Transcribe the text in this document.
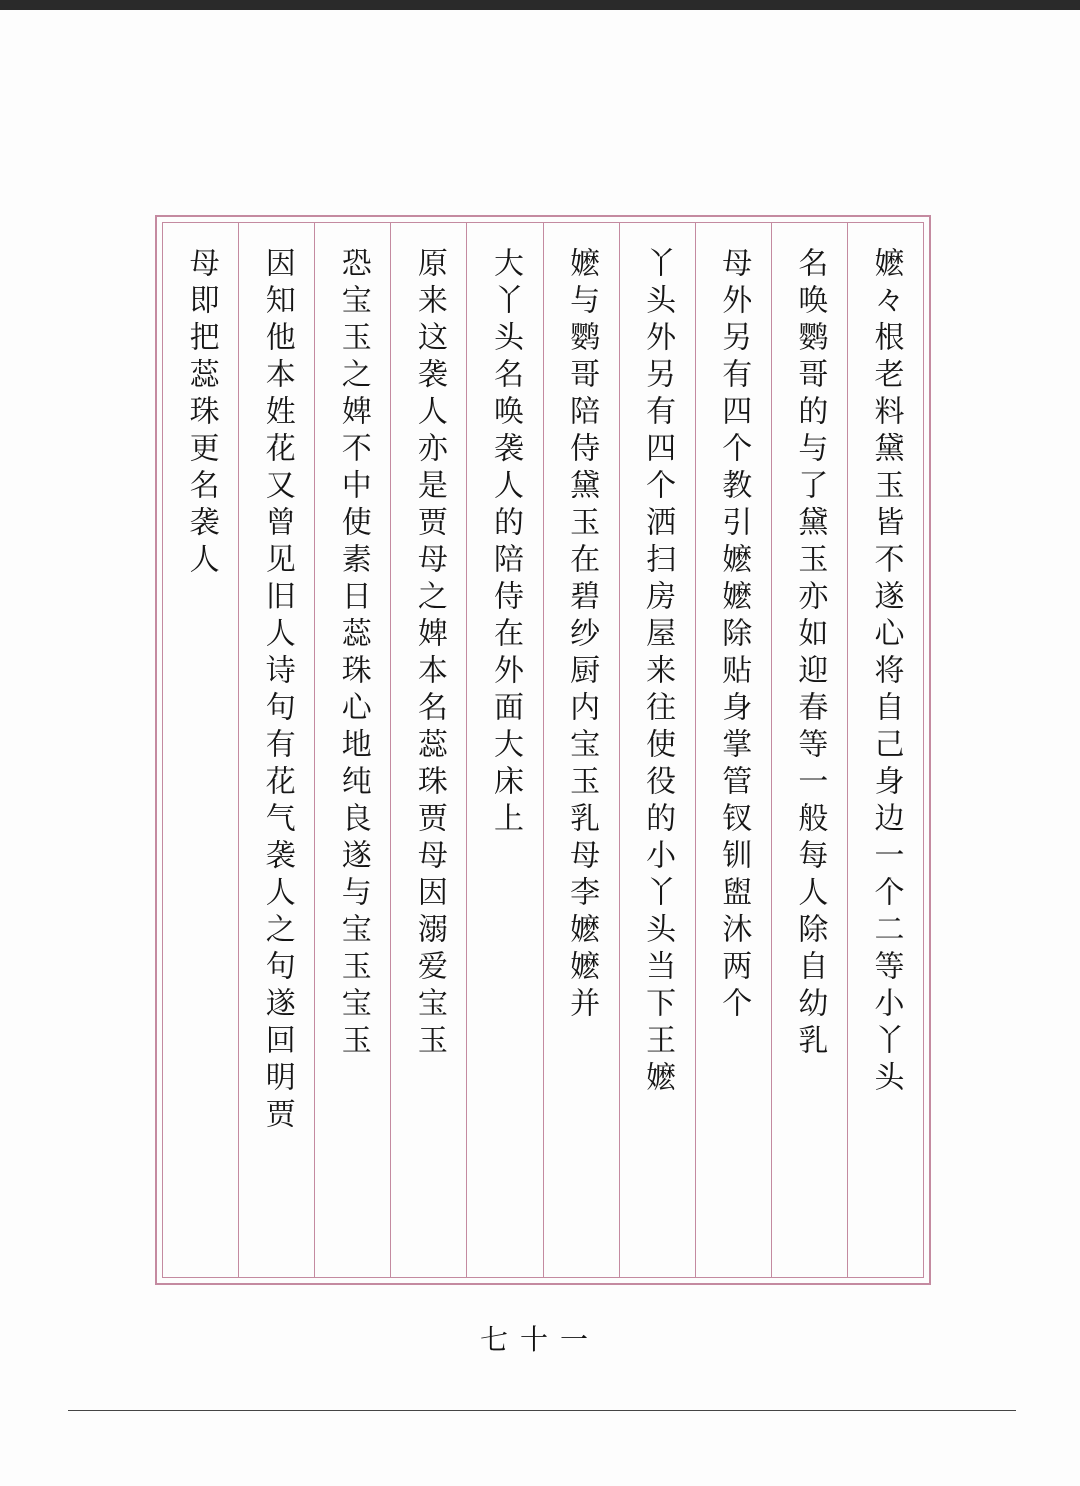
嬷々根老料黛玉皆不遂心将自己身边一个二等小丫头
名唤鹦哥的与了黛玉亦如迎春等一般每人除自幼乳
母外另有四个教引嬷嬷除贴身掌管钗钏盥沐两个
丫头外另有四个洒扫房屋来往使役的小丫头当下王嬷
嬷与鹦哥陪侍黛玉在碧纱厨内宝玉乳母李嬷嬷并
大丫头名唤袭人的陪侍在外面大床上
原来这袭人亦是贾母之婢本名蕊珠贾母因溺爱宝玉
恐宝玉之婢不中使素日蕊珠心地纯良遂与宝玉宝玉
因知他本姓花又曾见旧人诗句有花气袭人之句遂回明贾
母即把蕊珠更名袭人
七十一
